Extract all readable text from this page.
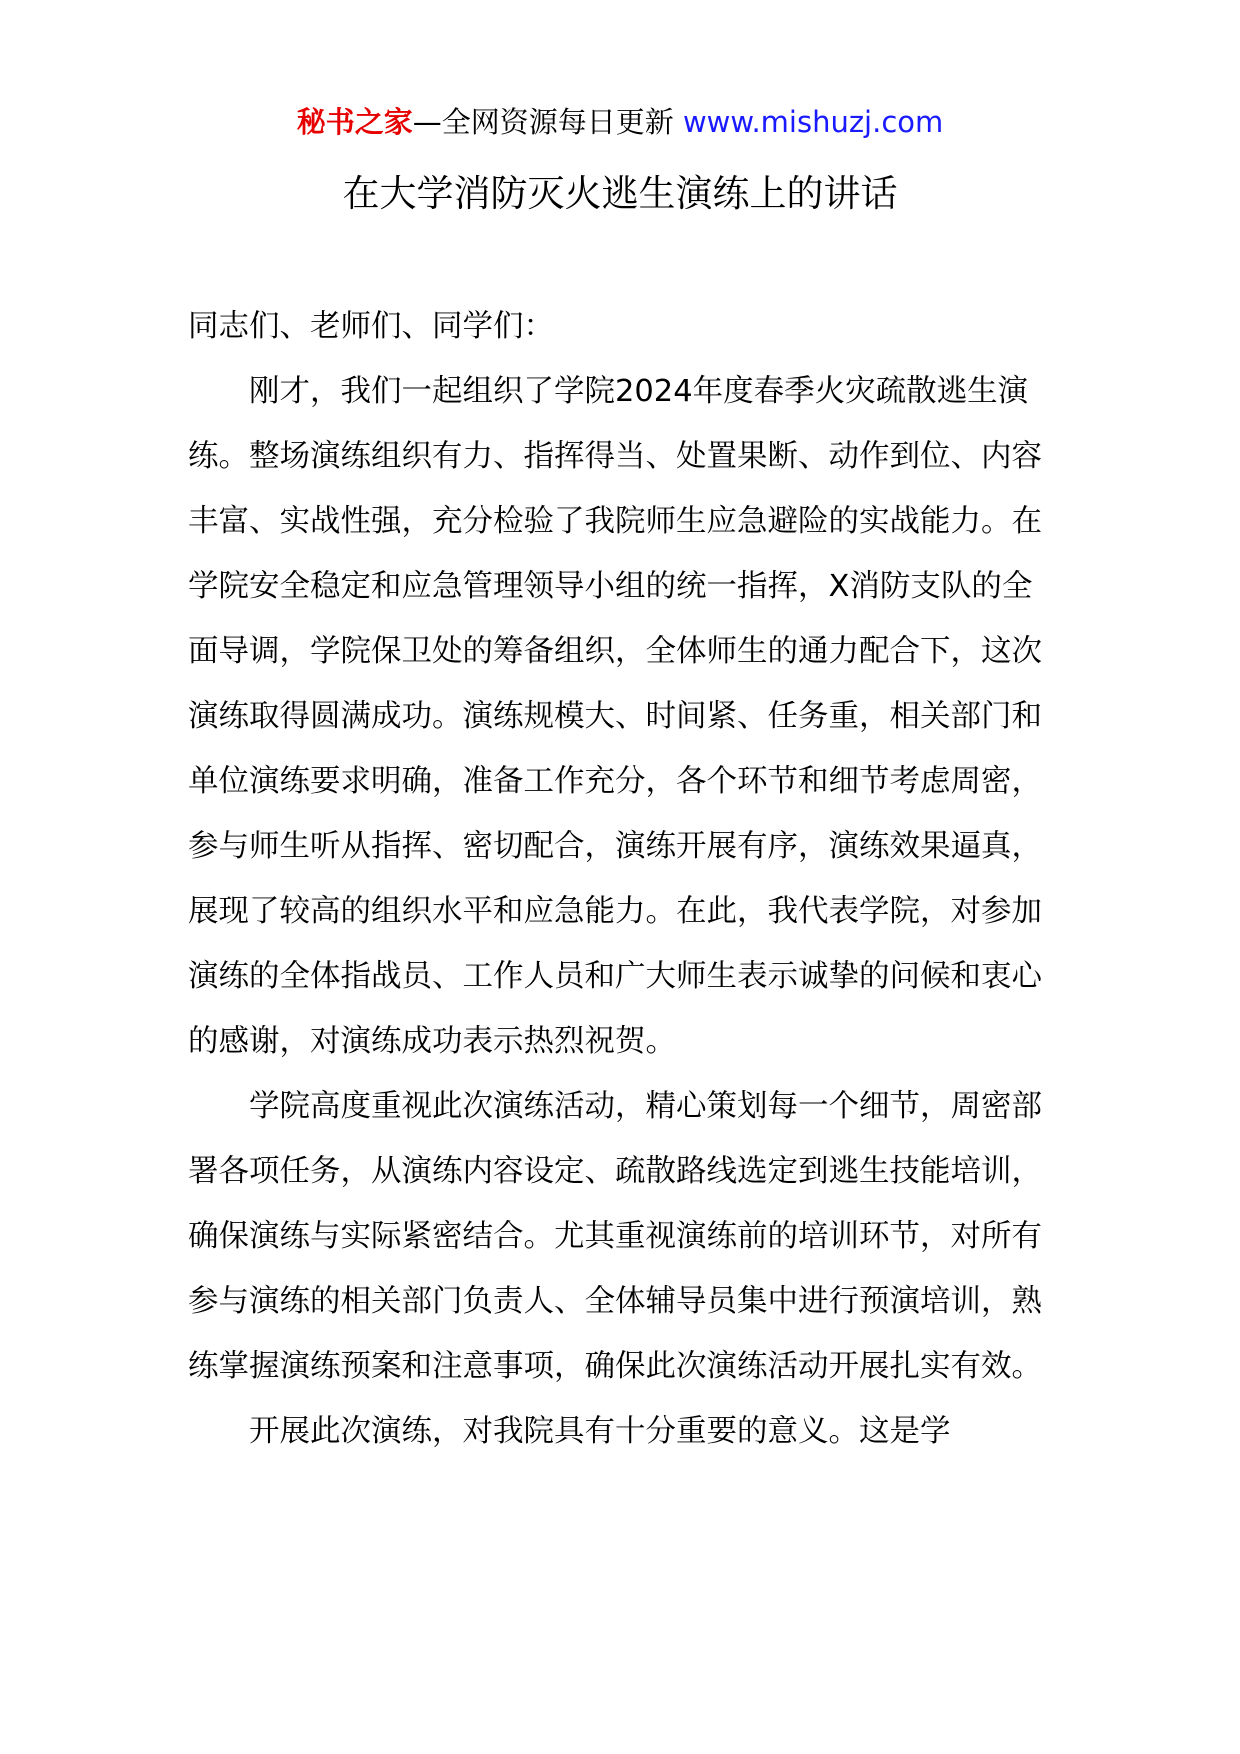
秘书之家—全网资源每日更新 www.mishuzj.com
在大学消防灭火逃生演练上的讲话

同志们、老师们、同学们：

刚才，我们一起组织了学院2024年度春季火灾疏散逃生演练。整场演练组织有力、指挥得当、处置果断、动作到位、内容丰富、实战性强，充分检验了我院师生应急避险的实战能力。在学院安全稳定和应急管理领导小组的统一指挥，X消防支队的全面导调，学院保卫处的筹备组织，全体师生的通力配合下，这次演练取得圆满成功。演练规模大、时间紧、任务重，相关部门和单位演练要求明确，准备工作充分，各个环节和细节考虑周密，参与师生听从指挥、密切配合，演练开展有序，演练效果逼真，展现了较高的组织水平和应急能力。在此，我代表学院，对参加演练的全体指战员、工作人员和广大师生表示诚挚的问候和衷心的感谢，对演练成功表示热烈祝贺。

学院高度重视此次演练活动，精心策划每一个细节，周密部署各项任务，从演练内容设定、疏散路线选定到逃生技能培训，确保演练与实际紧密结合。尤其重视演练前的培训环节，对所有参与演练的相关部门负责人、全体辅导员集中进行预演培训，熟练掌握演练预案和注意事项，确保此次演练活动开展扎实有效。

开展此次演练，对我院具有十分重要的意义。这是学
